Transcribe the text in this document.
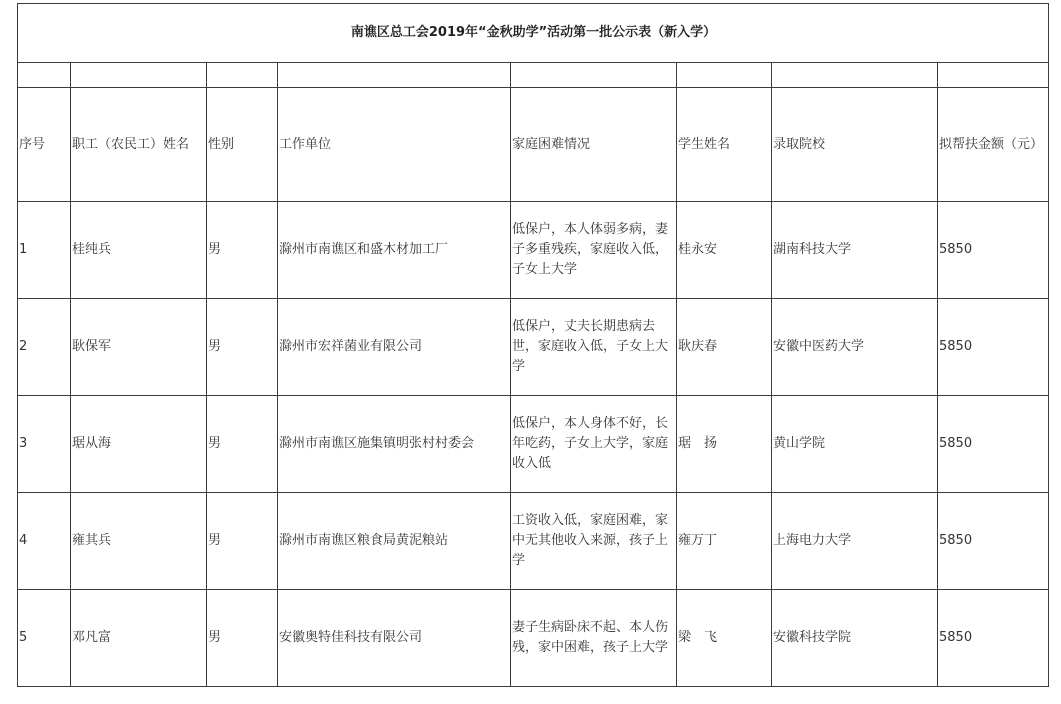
南谯区总工会2019年“金秋助学”活动第一批公示表（新入学）							

序号	职工（农民工）姓名	性别	工作单位	家庭困难情况	学生姓名	录取院校	拟帮扶金额（元）
1	桂纯兵	男	滁州市南谯区和盛木材加工厂	低保户，本人体弱多病，妻子多重残疾，家庭收入低，子女上大学	桂永安	湖南科技大学	5850
2	耿保军	男	滁州市宏祥菌业有限公司	低保户，丈夫长期患病去世，家庭收入低，子女上大学	耿庆春	安徽中医药大学	5850
3	琚从海	男	滁州市南谯区施集镇明张村村委会	低保户，本人身体不好，长年吃药，子女上大学，家庭收入低	琚　扬	黄山学院	5850
4	雍其兵	男	滁州市南谯区粮食局黄泥粮站	工资收入低，家庭困难，家中无其他收入来源，孩子上学	雍万丁	上海电力大学	5850
5	邓凡富	男	安徽奥特佳科技有限公司	妻子生病卧床不起、本人伤残，家中困难，孩子上大学	梁　飞	安徽科技学院	5850
